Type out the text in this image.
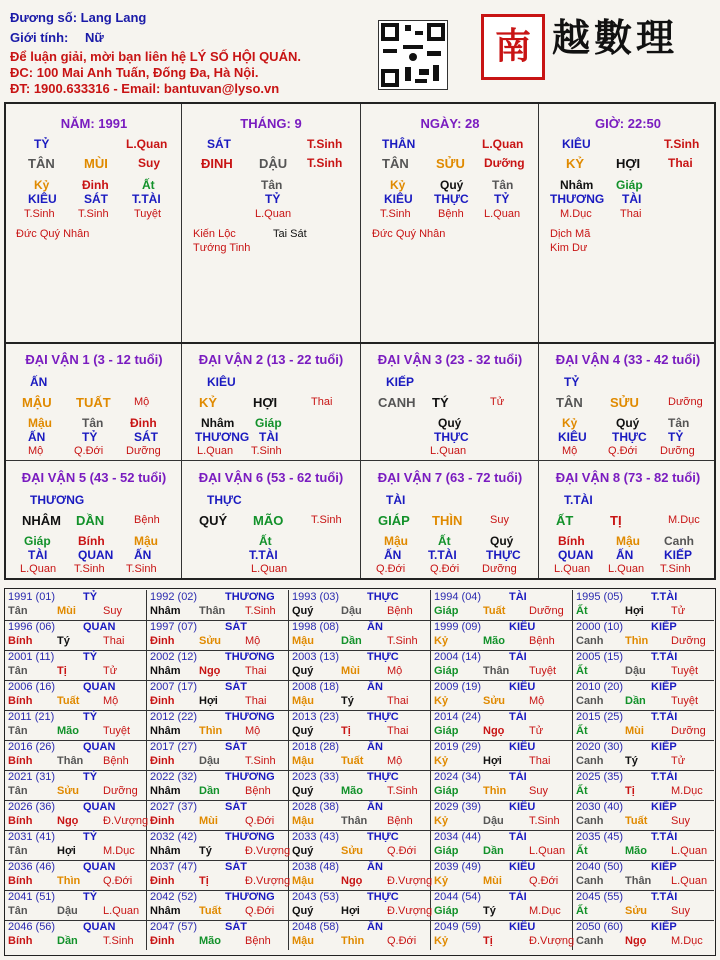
Đương số: Lang Lang
Giới tính: Nữ
Để luận giải, mời bạn liên hệ LÝ SỐ HỘI QUÁN.
ĐC: 100 Mai Anh Tuấn, Đống Đa, Hà Nội.
ĐT: 1900.633316 - Email: bantuvan@lyso.vn
南 越數理
NĂM: 1991
TỶ	L.Quan
TÂN MÙI	Suy
Kỷ	Đinh	Ất
KIÊU SÁT T.TÀI
T.Sinh T.Sinh Tuyệt
Đức Quý Nhân
THÁNG: 9
SÁT	T.Sinh
ĐINH DẬU T.Sinh
Tân
TỶ
L.Quan
Kiến Lộc	Tai Sát
Tướng Tinh
NGÀY: 28
THÂN	L.Quan
TÂN SỬU Dưỡng
Kỷ	Quý Tân
KIÊU THỰC TỶ
T.Sinh Bệnh L.Quan
Đức Quý Nhân
GIỜ: 22:50
KIÊU	T.Sinh
KỶ HỢI Thai
Nhâm Giáp
THƯƠNG TÀI
M.Dục	Thai
Dịch Mã
Kim Dư
ĐẠI VẬN 1 (3 - 12 tuổi)
ẤN
MẬU TUẤT Mộ
Mậu	Tân Đinh
ẤN	TỶ	SÁT
Mộ	Q.Đới Dưỡng
ĐẠI VẬN 2 (13 - 22 tuổi)
KIÊU
KỶ	HỢI	Thai
Nhâm Giáp
THƯƠNG TÀI
L.Quan T.Sinh
ĐẠI VẬN 3 (23 - 32 tuổi)
KIẾP
CANH TÝ	Tử
Quý
THỰC
L.Quan
ĐẠI VẬN 4 (33 - 42 tuổi)
TỶ
TÂN SỬU	Dưỡng
Kỷ	Quý Tân
KIÊU THỰC TỶ
Mộ	Q.Đới Dưỡng
ĐẠI VẬN 5 (43 - 52 tuổi)
THƯƠNG
NHÂM DẦN	Bệnh
Giáp Bính Mậu
TÀI	QUAN ẤN
L.Quan T.Sinh T.Sinh
ĐẠI VẬN 6 (53 - 62 tuổi)
THỰC
QUÝ MÃO	T.Sinh
Ất
T.TÀI
L.Quan
ĐẠI VẬN 7 (63 - 72 tuổi)
TÀI
GIÁP THÌN	Suy
Mậu	Ất	Quý
ẤN T.TÀI THỰC
Q.Đới Q.Đới Dưỡng
ĐẠI VẬN 8 (73 - 82 tuổi)
T.TÀI
ẤT	TỊ	M.Dục
Bính	Mậu Canh
QUAN ẤN	KIẾP
L.Quan L.Quan T.Sinh
1991 (01)	TỶ
Tân	Mùi Suy
1992 (02)	THƯƠNG
Nhâm Thân T.Sinh
1993 (03)	THỰC
Quý	Dậu Bệnh
1994 (04)	TÀI
Giáp Tuất Dưỡng
1995 (05)	T.TÀI
Ất	Hợi Tử
1996 (06)	QUAN
Bính Tý	Thai
1997 (07)	SÁT
Đinh Sửu Mộ
1998 (08)	ẤN
Mậu Dần T.Sinh
1999 (09)	KIÊU
Kỷ	Mão Bệnh
2000 (10)	KIẾP
Canh Thìn Dưỡng
2001 (11)	TỶ
Tân	Tị	Tử
2002 (12)	THƯƠNG
Nhâm Ngọ Thai
2003 (13)	THỰC
Quý	Mùi Mộ
2004 (14)	TÀI
Giáp Thân Tuyệt
2005 (15)	T.TÀI
Ất	Dậu Tuyệt
2006 (16)	QUAN
Bính Tuất Mộ
2007 (17)	SÁT
Đinh Hợi Thai
2008 (18)	ẤN
Mậu Tý	Thai
2009 (19)	KIÊU
Kỷ	Sửu Mộ
2010 (20)	KIẾP
Canh Dần Tuyệt
2011 (21)	TỶ
Tân	Mão Tuyệt
2012 (22)	THƯƠNG
Nhâm Thìn Mộ
2013 (23)	THỰC
Quý	Tị	Thai
2014 (24)	TÀI
Giáp Ngọ Tử
2015 (25)	T.TÀI
Ất	Mùi Dưỡng
2016 (26)	QUAN
Bính Thân Bệnh
2017 (27)	SÁT
Đinh Dậu T.Sinh
2018 (28)	ẤN
Mậu Tuất Mộ
2019 (29)	KIÊU
Kỷ	Hợi Thai
2020 (30)	KIẾP
Canh Tý	Tử
2021 (31)	TỶ
Tân	Sửu Dưỡng
2022 (32)	THƯƠNG
Nhâm Dần Bệnh
2023 (33)	THỰC
Quý	Mão T.Sinh
2024 (34)	TÀI
Giáp Thìn Suy
2025 (35)	T.TÀI
Ất	Tị	M.Dục
2026 (36)	QUAN
Bính Ngọ Đ.Vượng
2027 (37)	SÁT
Đinh Mùi Q.Đới
2028 (38)	ẤN
Mậu Thân Bệnh
2029 (39)	KIÊU
Kỷ	Dậu T.Sinh
2030 (40)	KIẾP
Canh Tuất Suy
2031 (41)	TỶ
Tân	Hợi M.Dục
2032 (42)	THƯƠNG
Nhâm Tý	Đ.Vượng
2033 (43)	THỰC
Quý	Sửu Q.Đới
2034 (44)	TÀI
Giáp Dần L.Quan
2035 (45)	T.TÀI
Ất	Mão L.Quan
2036 (46)	QUAN
Bính Thìn Q.Đới
2037 (47)	SÁT
Đinh Tị	Đ.Vượng
2038 (48)	ẤN
Mậu Ngọ Đ.Vượng
2039 (49)	KIÊU
Kỷ	Mùi Q.Đới
2040 (50)	KIẾP
Canh Thân L.Quan
2041 (51)	TỶ
Tân	Dậu L.Quan
2042 (52)	THƯƠNG
Nhâm Tuất Q.Đới
2043 (53)	THỰC
Quý	Hợi Đ.Vượng
2044 (54)	TÀI
Giáp Tý	M.Dục
2045 (55)	T.TÀI
Ất	Sửu Suy
2046 (56)	QUAN
Bính Dần T.Sinh
2047 (57)	SÁT
Đinh Mão Bệnh
2048 (58)	ẤN
Mậu Thìn Q.Đới
2049 (59)	KIÊU
Kỷ	Tị	Đ.Vượng
2050 (60)	KIẾP
Canh Ngọ M.Dục
